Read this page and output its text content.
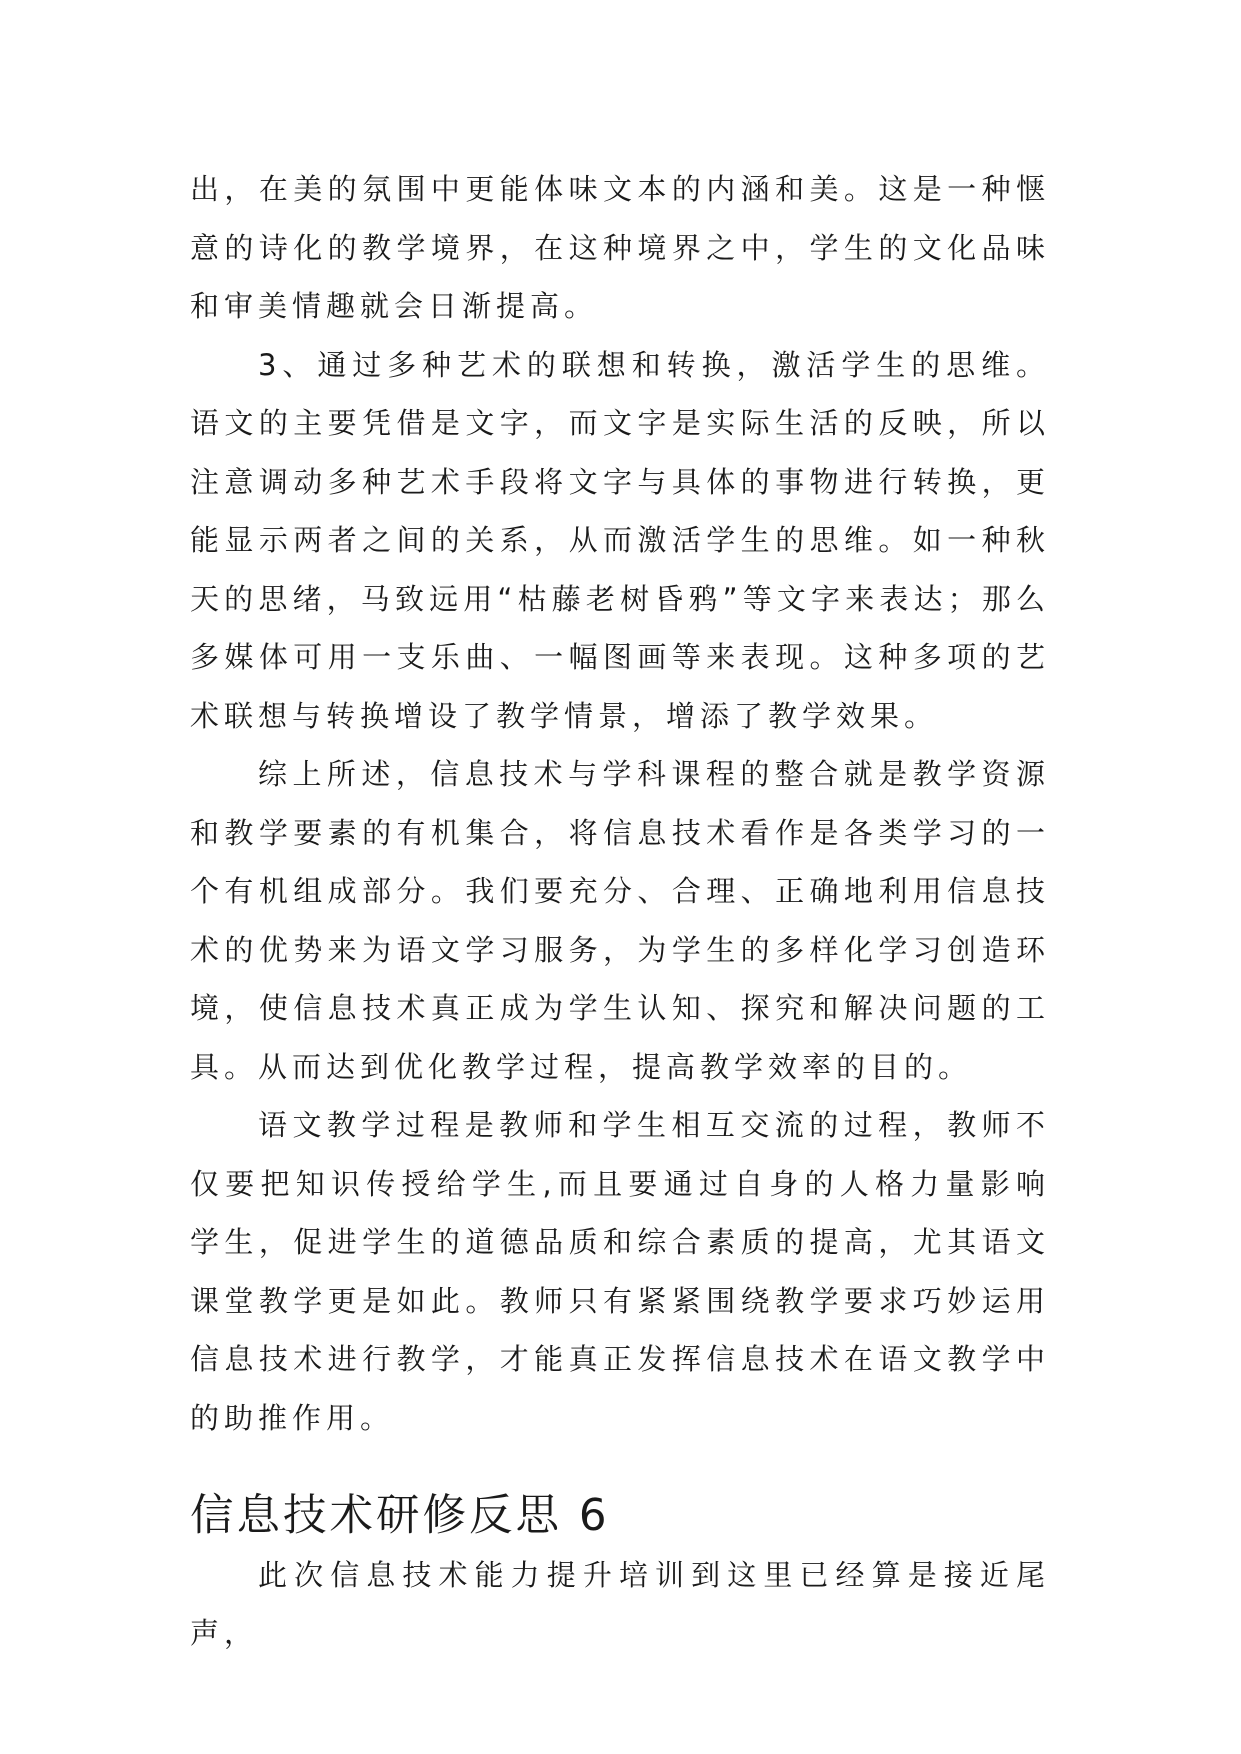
出，在美的氛围中更能体味文本的内涵和美。这是一种惬意的诗化的教学境界，在这种境界之中，学生的文化品味和审美情趣就会日渐提高。

3、通过多种艺术的联想和转换，激活学生的思维。语文的主要凭借是文字，而文字是实际生活的反映，所以注意调动多种艺术手段将文字与具体的事物进行转换，更能显示两者之间的关系，从而激活学生的思维。如一种秋天的思绪，马致远用“枯藤老树昏鸦”等文字来表达；那么多媒体可用一支乐曲、一幅图画等来表现。这种多项的艺术联想与转换增设了教学情景，增添了教学效果。

综上所述，信息技术与学科课程的整合就是教学资源和教学要素的有机集合，将信息技术看作是各类学习的一个有机组成部分。我们要充分、合理、正确地利用信息技术的优势来为语文学习服务，为学生的多样化学习创造环境，使信息技术真正成为学生认知、探究和解决问题的工具。从而达到优化教学过程，提高教学效率的目的。

语文教学过程是教师和学生相互交流的过程，教师不仅要把知识传授给学生,而且要通过自身的人格力量影响学生，促进学生的道德品质和综合素质的提高，尤其语文课堂教学更是如此。教师只有紧紧围绕教学要求巧妙运用信息技术进行教学，才能真正发挥信息技术在语文教学中的助推作用。

信息技术研修反思 6

此次信息技术能力提升培训到这里已经算是接近尾声，
